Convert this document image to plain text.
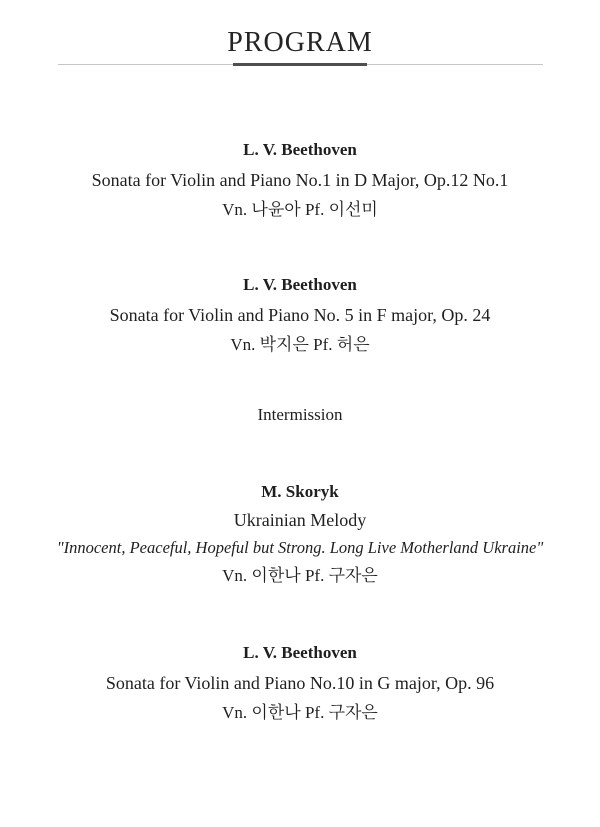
PROGRAM
L. V. Beethoven
Sonata for Violin and Piano No.1 in D Major, Op.12 No.1
Vn. 나윤아 Pf. 이선미
L. V. Beethoven
Sonata for Violin and Piano No. 5 in F major, Op. 24
Vn. 박지은 Pf. 허은
Intermission
M. Skoryk
Ukrainian Melody
"Innocent, Peaceful, Hopeful but Strong. Long Live Motherland Ukraine"
Vn. 이한나 Pf. 구자은
L. V. Beethoven
Sonata for Violin and Piano No.10 in G major, Op. 96
Vn. 이한나 Pf. 구자은
